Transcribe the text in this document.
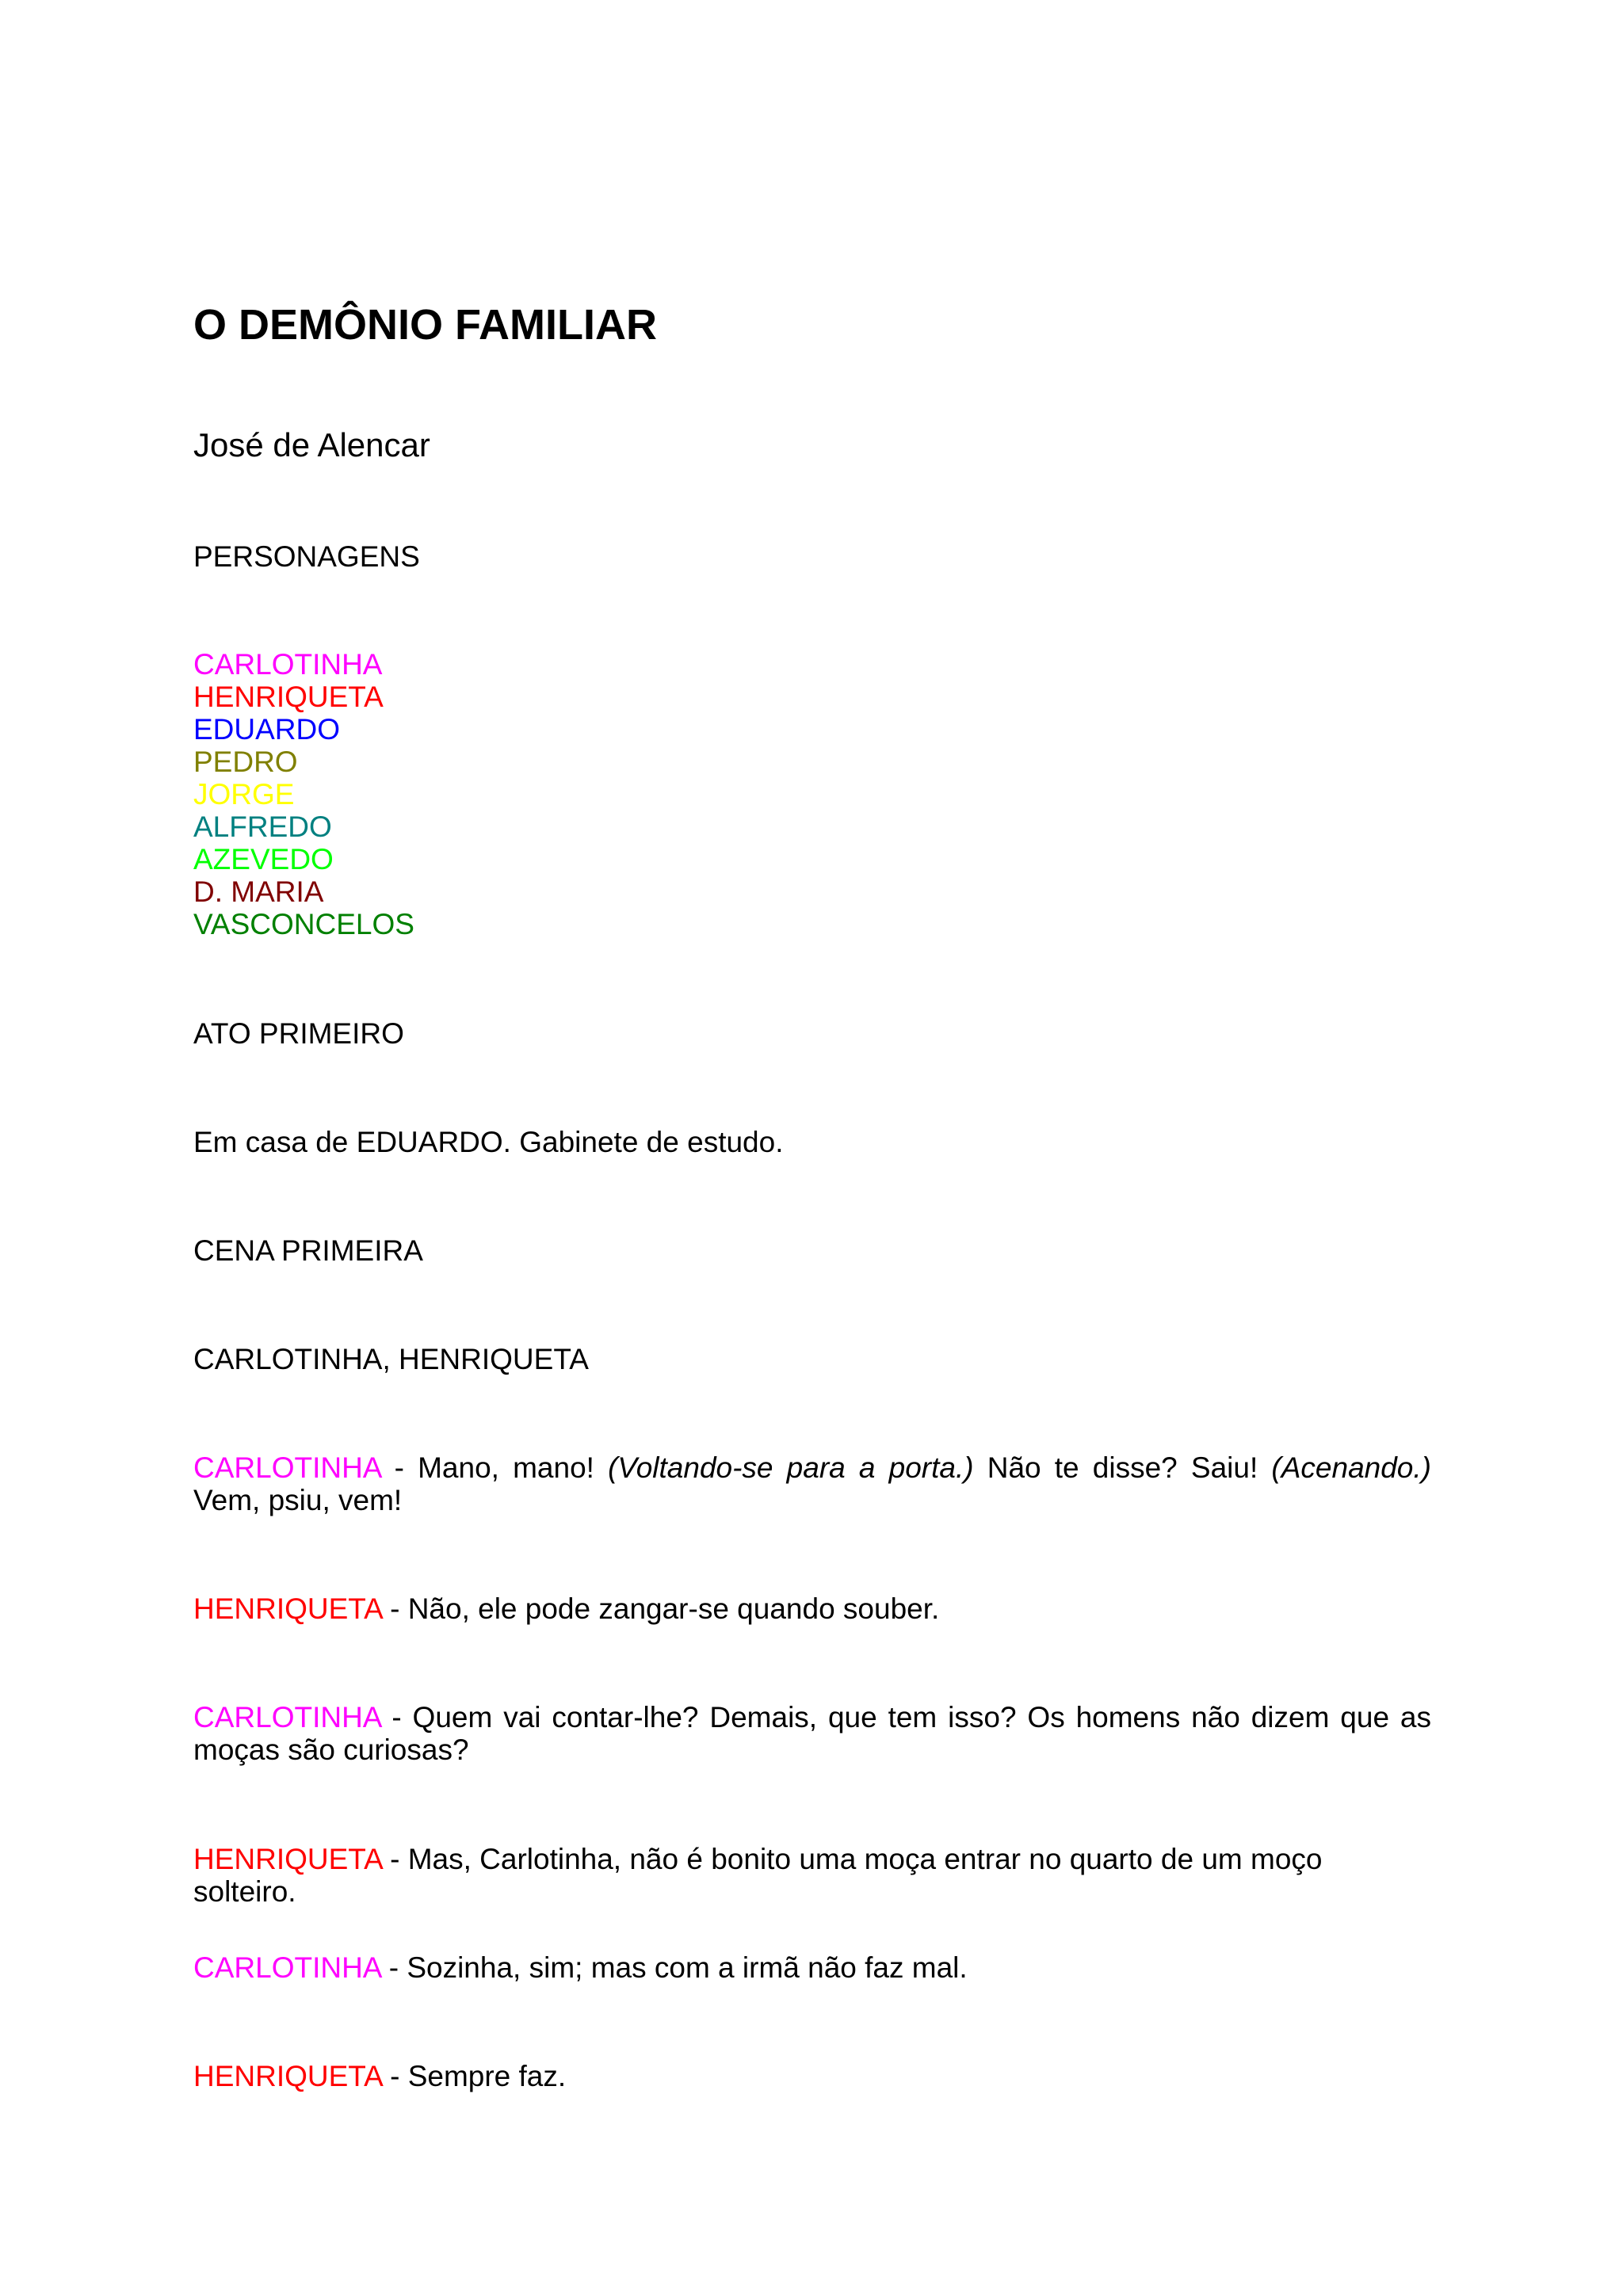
O DEMÔNIO FAMILIAR
José de Alencar
PERSONAGENS
CARLOTINHA
HENRIQUETA
EDUARDO
PEDRO
JORGE
ALFREDO
AZEVEDO
D. MARIA
VASCONCELOS
ATO PRIMEIRO
Em casa de EDUARDO. Gabinete de estudo.
CENA PRIMEIRA
CARLOTINHA, HENRIQUETA

CARLOTINHA - Mano, mano! (Voltando-se para a porta.) Não te disse? Saiu! (Acenando.) Vem, psiu, vem!

HENRIQUETA - Não, ele pode zangar-se quando souber.

CARLOTINHA - Quem vai contar-lhe? Demais, que tem isso? Os homens não dizem que as moças são curiosas?

HENRIQUETA - Mas, Carlotinha, não é bonito uma moça entrar no quarto de um moço solteiro.

CARLOTINHA - Sozinha, sim; mas com a irmã não faz mal.

HENRIQUETA - Sempre faz.
